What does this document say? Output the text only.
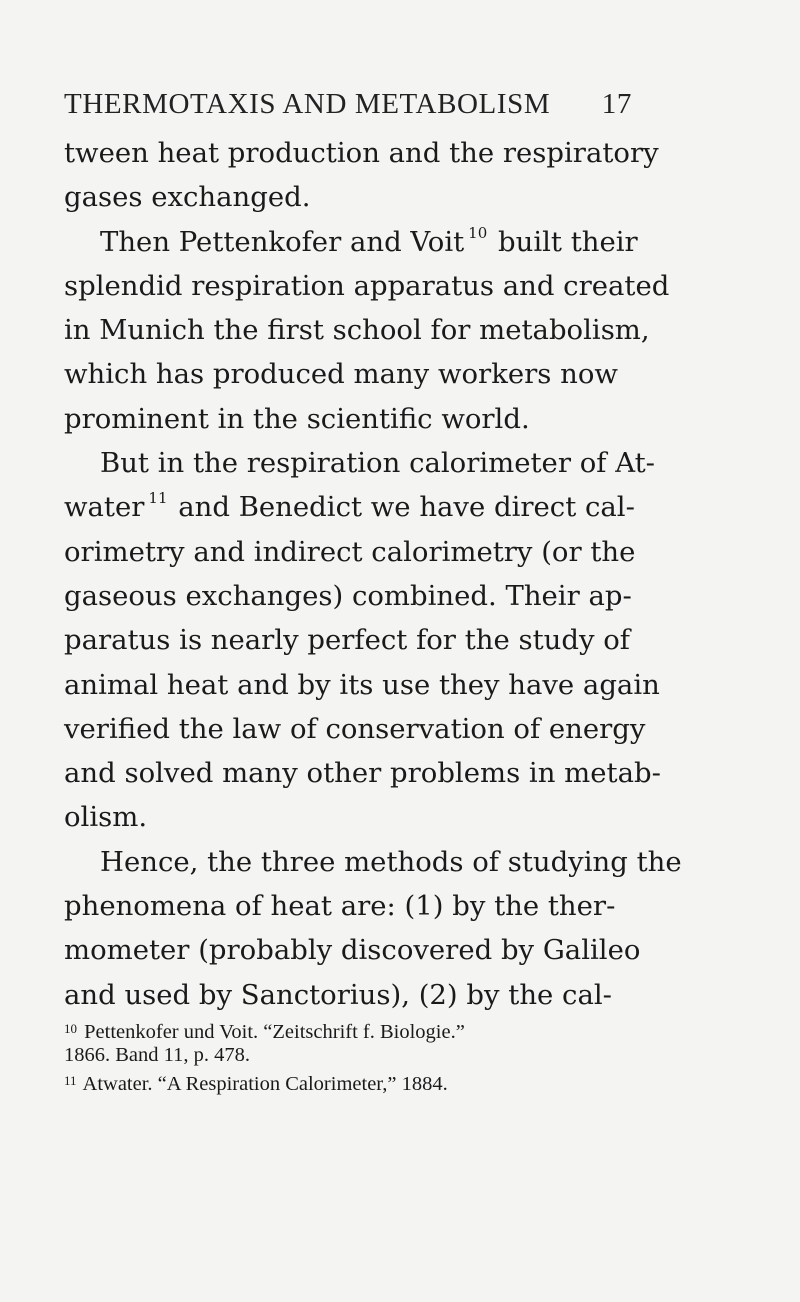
THERMOTAXIS AND METABOLISM 17
tween heat production and the respiratory
gases exchanged.
Then Pettenkofer and Voit $^{10}$ built their
splendid respiration apparatus and created
in Munich the first school for metabolism,
which has produced many workers now
prominent in the scientific world.
But in the respiration calorimeter of At-
water $^{11}$ and Benedict we have direct cal-
orimetry and indirect calorimetry (or the
gaseous exchanges) combined. Their ap-
paratus is nearly perfect for the study of
animal heat and by its use they have again
verified the law of conservation of energy
and solved many other problems in metab-
olism.
Hence, the three methods of studying the
phenomena of heat are: (1) by the ther-
mometer (probably discovered by Galileo
and used by Sanctorius), (2) by the cal-
$^{10}$ Pettenkofer und Voit. “Zeitschrift f. Biologie.”
1866. Band 11, p. 478.
$^{11}$ Atwater. “A Respiration Calorimeter,” 1884.
